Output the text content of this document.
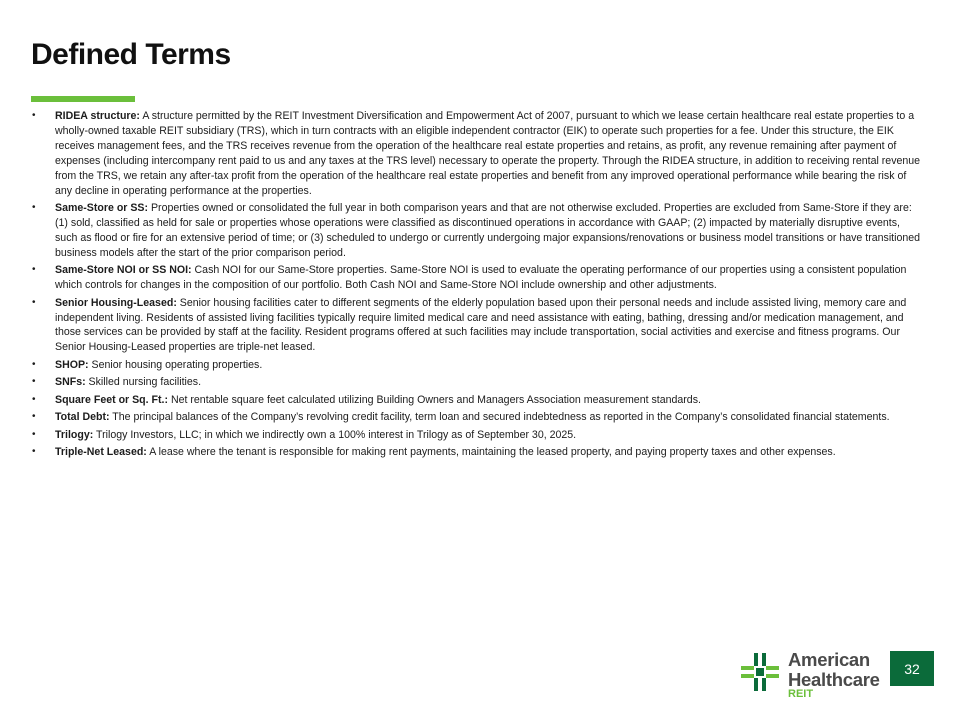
Defined Terms
• RIDEA structure: A structure permitted by the REIT Investment Diversification and Empowerment Act of 2007, pursuant to which we lease certain healthcare real estate properties to a wholly-owned taxable REIT subsidiary (TRS), which in turn contracts with an eligible independent contractor (EIK) to operate such properties for a fee. Under this structure, the EIK receives management fees, and the TRS receives revenue from the operation of the healthcare real estate properties and retains, as profit, any revenue remaining after payment of expenses (including intercompany rent paid to us and any taxes at the TRS level) necessary to operate the property. Through the RIDEA structure, in addition to receiving rental revenue from the TRS, we retain any after-tax profit from the operation of the healthcare real estate properties and benefit from any improved operational performance while bearing the risk of any decline in operating performance at the properties.
• Same-Store or SS: Properties owned or consolidated the full year in both comparison years and that are not otherwise excluded. Properties are excluded from Same-Store if they are: (1) sold, classified as held for sale or properties whose operations were classified as discontinued operations in accordance with GAAP; (2) impacted by materially disruptive events, such as flood or fire for an extensive period of time; or (3) scheduled to undergo or currently undergoing major expansions/renovations or business model transitions or have transitioned business models after the start of the prior comparison period.
• Same-Store NOI or SS NOI: Cash NOI for our Same-Store properties. Same-Store NOI is used to evaluate the operating performance of our properties using a consistent population which controls for changes in the composition of our portfolio. Both Cash NOI and Same-Store NOI include ownership and other adjustments.
• Senior Housing-Leased: Senior housing facilities cater to different segments of the elderly population based upon their personal needs and include assisted living, memory care and independent living. Residents of assisted living facilities typically require limited medical care and need assistance with eating, bathing, dressing and/or medication management, and those services can be provided by staff at the facility. Resident programs offered at such facilities may include transportation, social activities and exercise and fitness programs. Our Senior Housing-Leased properties are triple-net leased.
• SHOP: Senior housing operating properties.
• SNFs: Skilled nursing facilities.
• Square Feet or Sq. Ft.: Net rentable square feet calculated utilizing Building Owners and Managers Association measurement standards.
• Total Debt: The principal balances of the Company’s revolving credit facility, term loan and secured indebtedness as reported in the Company’s consolidated financial statements.
• Trilogy: Trilogy Investors, LLC; in which we indirectly own a 100% interest in Trilogy as of September 30, 2025.
• Triple-Net Leased: A lease where the tenant is responsible for making rent payments, maintaining the leased property, and paying property taxes and other expenses.
American
Healthcare
REIT
32
